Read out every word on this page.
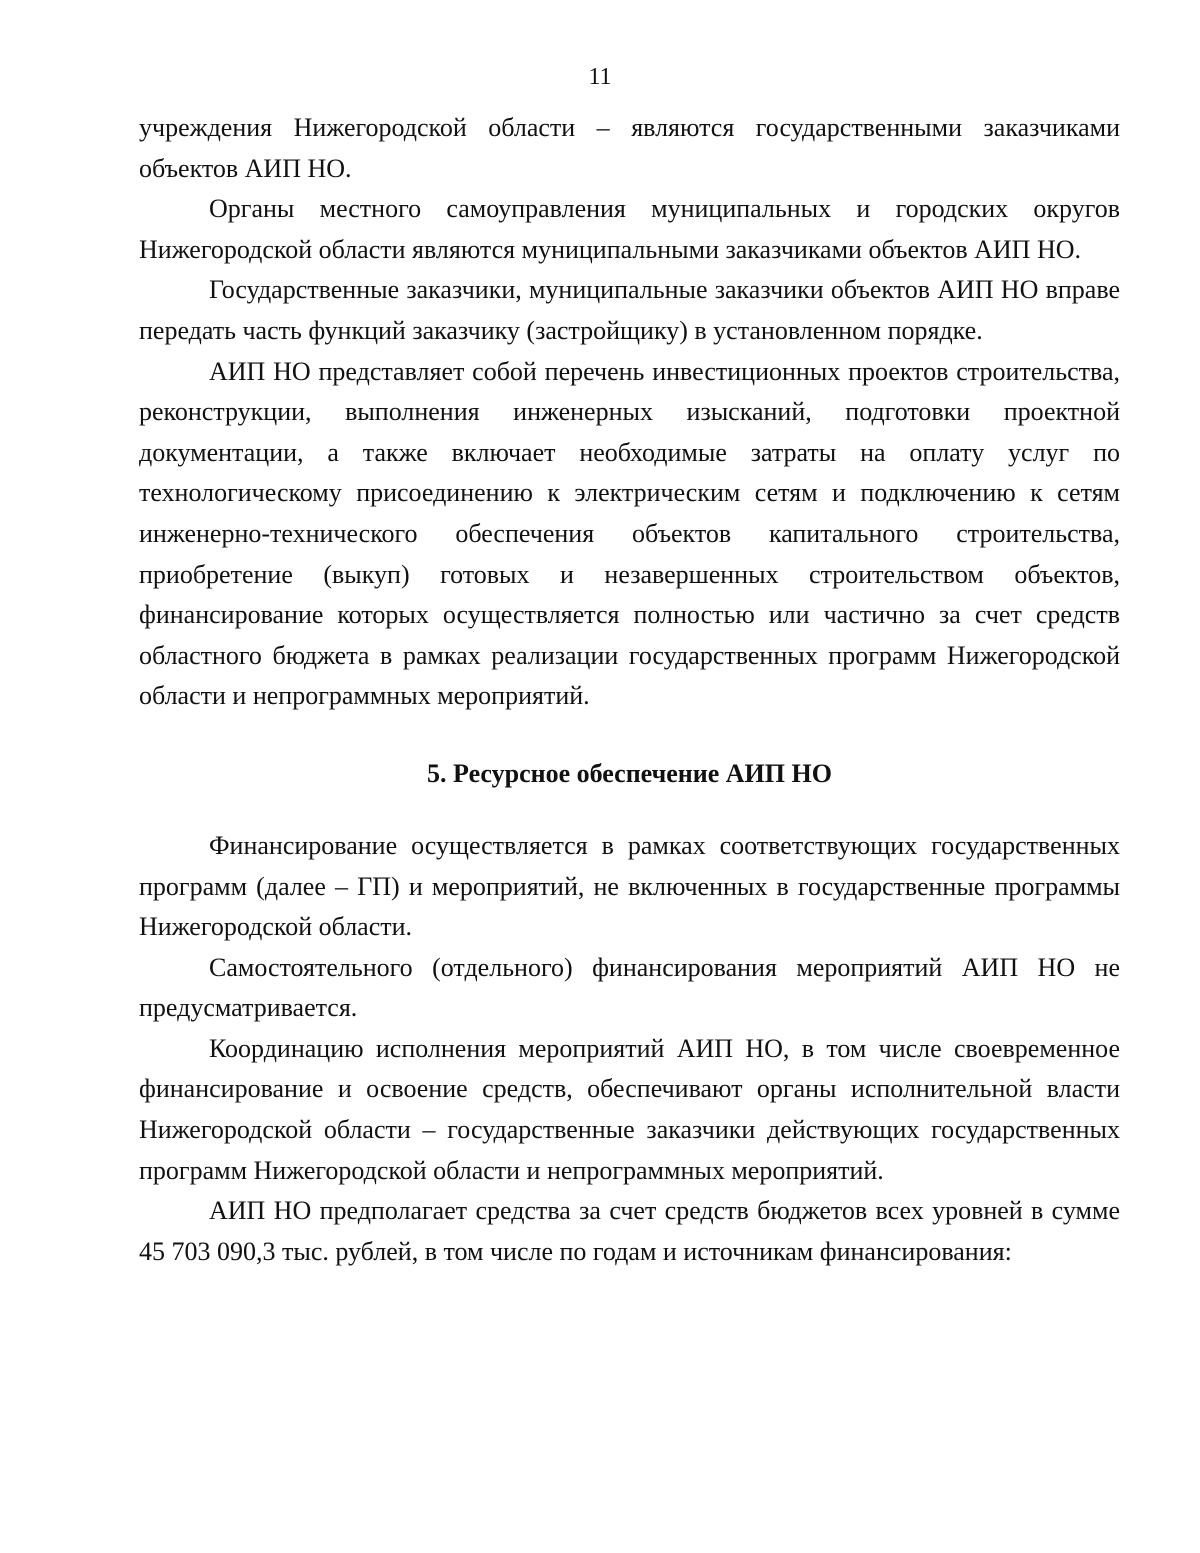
11

учреждения Нижегородской области – являются государственными заказчиками объектов АИП НО.

Органы местного самоуправления муниципальных и городских округов Нижегородской области являются муниципальными заказчиками объектов АИП НО.

Государственные заказчики, муниципальные заказчики объектов АИП НО вправе передать часть функций заказчику (застройщику) в установленном порядке.

АИП НО представляет собой перечень инвестиционных проектов строительства, реконструкции, выполнения инженерных изысканий, подготовки проектной документации, а также включает необходимые затраты на оплату услуг по технологическому присоединению к электрическим сетям и подключению к сетям инженерно-технического обеспечения объектов капитального строительства, приобретение (выкуп) готовых и незавершенных строительством объектов, финансирование которых осуществляется полностью или частично за счет средств областного бюджета в рамках реализации государственных программ Нижегородской области и непрограммных мероприятий.

5. Ресурсное обеспечение АИП НО

Финансирование осуществляется в рамках соответствующих государственных программ (далее – ГП) и мероприятий, не включенных в государственные программы Нижегородской области.

Самостоятельного (отдельного) финансирования мероприятий АИП НО не предусматривается.

Координацию исполнения мероприятий АИП НО, в том числе своевременное финансирование и освоение средств, обеспечивают органы исполнительной власти Нижегородской области – государственные заказчики действующих государственных программ Нижегородской области и непрограммных мероприятий.

АИП НО предполагает средства за счет средств бюджетов всех уровней в сумме 45 703 090,3 тыс. рублей, в том числе по годам и источникам финансирования:
